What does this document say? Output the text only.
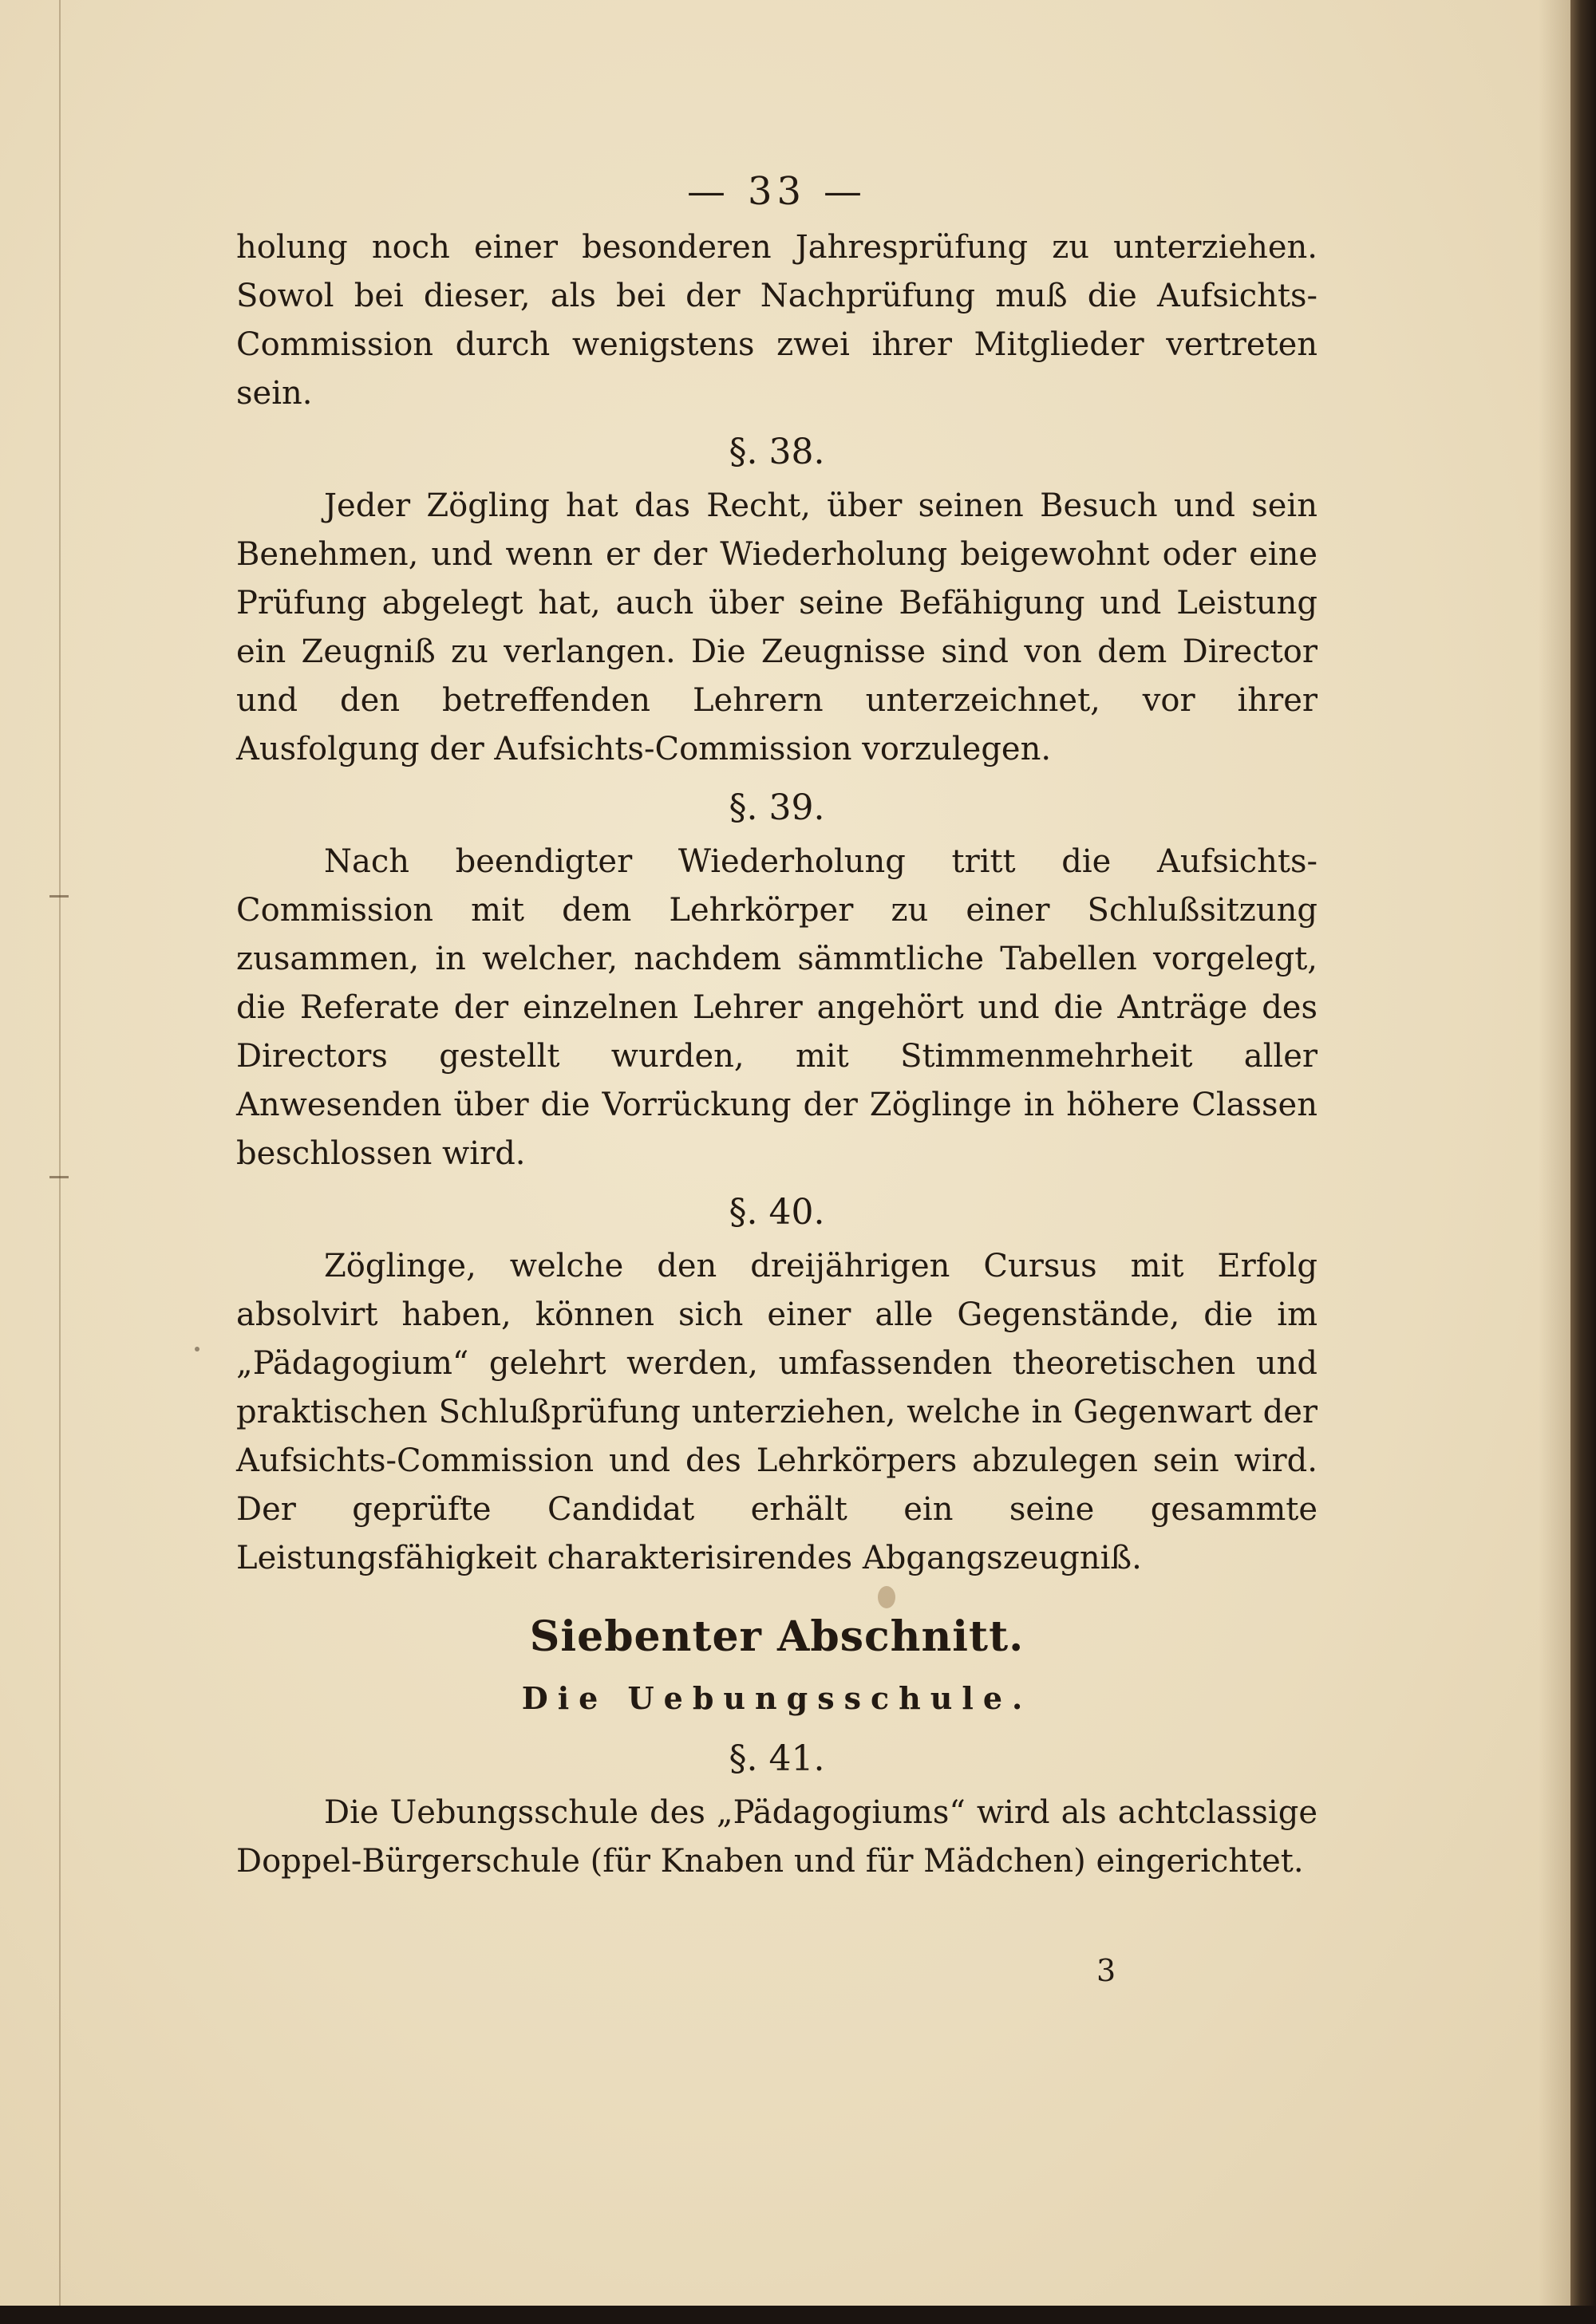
— 33 —

holung noch einer besonderen Jahresprüfung zu unterziehen. Sowol bei dieser, als bei der Nachprüfung muß die Aufsichts-Commission durch wenigstens zwei ihrer Mitglieder vertreten sein.

§. 38.

Jeder Zögling hat das Recht, über seinen Besuch und sein Benehmen, und wenn er der Wiederholung beigewohnt oder eine Prüfung abgelegt hat, auch über seine Befähigung und Leistung ein Zeugniß zu verlangen. Die Zeugnisse sind von dem Director und den betreffenden Lehrern unterzeichnet, vor ihrer Ausfolgung der Aufsichts-Commission vorzulegen.

§. 39.

Nach beendigter Wiederholung tritt die Aufsichts-Commission mit dem Lehrkörper zu einer Schlußsitzung zusammen, in welcher, nachdem sämmtliche Tabellen vorgelegt, die Referate der einzelnen Lehrer angehört und die Anträge des Directors gestellt wurden, mit Stimmenmehrheit aller Anwesenden über die Vorrückung der Zöglinge in höhere Classen beschlossen wird.

§. 40.

Zöglinge, welche den dreijährigen Cursus mit Erfolg absolvirt haben, können sich einer alle Gegenstände, die im „Pädagogium“ gelehrt werden, umfassenden theoretischen und praktischen Schlußprüfung unterziehen, welche in Gegenwart der Aufsichts-Commission und des Lehrkörpers abzulegen sein wird. Der geprüfte Candidat erhält ein seine gesammte Leistungsfähigkeit charakterisirendes Abgangszeugniß.

Siebenter Abschnitt.
Die Uebungsschule.
§. 41.

Die Uebungsschule des „Pädagogiums“ wird als achtclassige Doppel-Bürgerschule (für Knaben und für Mädchen) eingerichtet.

3
